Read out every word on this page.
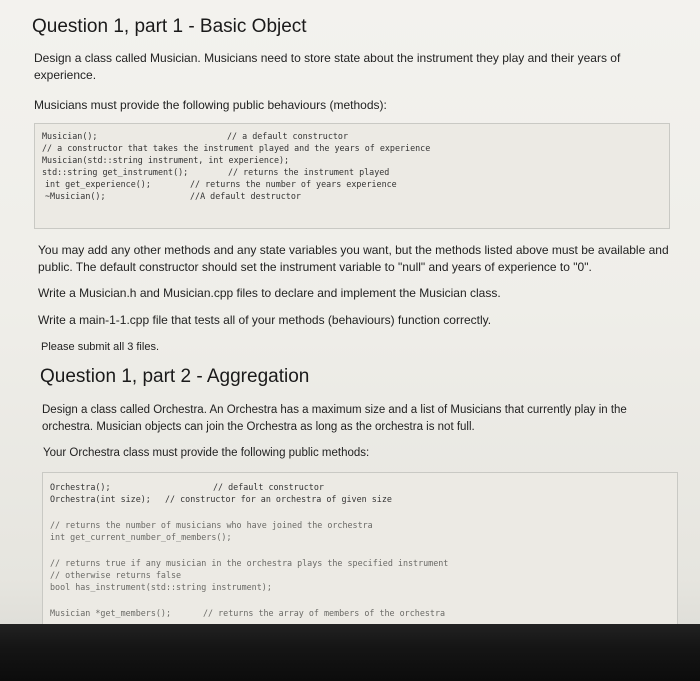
Question 1, part 1 - Basic Object
Design a class called Musician. Musicians need to store state about the instrument they play and their years of experience.
Musicians must provide the following public behaviours (methods):
Musician();	// a default constructor
// a constructor that takes the instrument played and the years of experience
Musician(std::string instrument, int experience);
std::string get_instrument();	// returns the instrument played
int get_experience();	// returns the number of years experience
~Musician();	//A default destructor
You may add any other methods and any state variables you want, but the methods listed above must be available and public. The default constructor should set the instrument variable to "null" and years of experience to "0".
Write a Musician.h and Musician.cpp files to declare and implement the Musician class.
Write a main-1-1.cpp file that tests all of your methods (behaviours) function correctly.
Please submit all 3 files.
Question 1, part 2 - Aggregation
Design a class called Orchestra. An Orchestra has a maximum size and a list of Musicians that currently play in the orchestra. Musician objects can join the Orchestra as long as the orchestra is not full.
Your Orchestra class must provide the following public methods:
Orchestra();	// default constructor
Orchestra(int size); // constructor for an orchestra of given size
// returns the number of musicians who have joined the orchestra
int get_current_number_of_members();
// returns true if any musician in the orchestra plays the specified instrument
// otherwise returns false
bool has_instrument(std::string instrument);
Musician *get_members();	// returns the array of members of the orchestra
